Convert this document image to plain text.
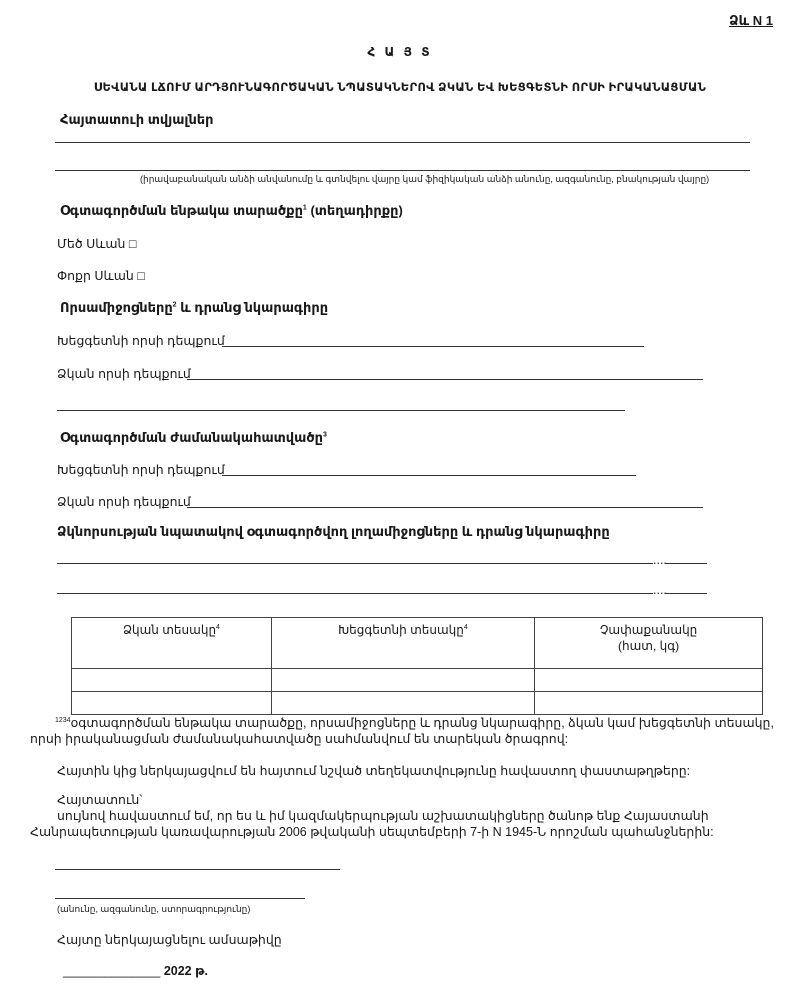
Ձև N 1
Հ Ա Յ Տ
ՍԵՎԱՆԱ ԼՃՈՒՄ ԱՐԴՅՈՒՆԱԳՈՐԾԱԿԱՆ ՆՊԱՏԱԿՆԵՐՈՎ ՁԿԱՆ ԵՎ ԽԵՑԳԵՏՆԻ ՈՐՍԻ ԻՐԱԿԱՆԱՑՄԱՆ
Հայտատուի տվյալներ
(իրավաբանական անձի անվանումը և գտնվելու վայրը կամ ֆիզիկական անձի անունը, ազգանունը, բնակության վայրը)
Օգտագործման ենթակա տարածքը$^1$ (տեղադիրքը)
Մեծ Սևան □
Փոքր Սևան □
Որսամիջոցները$^2$ և դրանց նկարագիրը
Խեցգետնի որսի դեպքում
Ձկան որսի դեպքում
Օգտագործման ժամանակահատվածը$^3$
Խեցգետնի որսի դեպքում
Ձկան որսի դեպքում
Ձկնորսության նպատակով օգտագործվող լողամիջոցները և դրանց նկարագիրը
....
....
Ձկան տեսակը$^4$	Խեցգետնի տեսակը$^4$	Չափաքանակը
(հատ, կգ)

$^{1234}$օգտագործման ենթակա տարածքը, որսամիջոցները և դրանց նկարագիրը, ձկան կամ խեցգետնի տեսակը,
որսի իրականացման ժամանակահատվածը սահմանվում են տարեկան ծրագրով:
Հայտին կից ներկայացվում են հայտում նշված տեղեկատվությունը հավաստող փաստաթղթերը:
Հայտատուն՝
սույնով հավաստում եմ, որ ես և իմ կազմակերպության աշխատակիցները ծանոթ ենք Հայաստանի
Հանրապետության կառավարության 2006 թվականի սեպտեմբերի 7-ի N 1945-Ն որոշման պահանջներին:
(անունը, ազգանունը, ստորագրությունը)
Հայտը ներկայացնելու ամսաթիվը
______________ 2022 թ.
